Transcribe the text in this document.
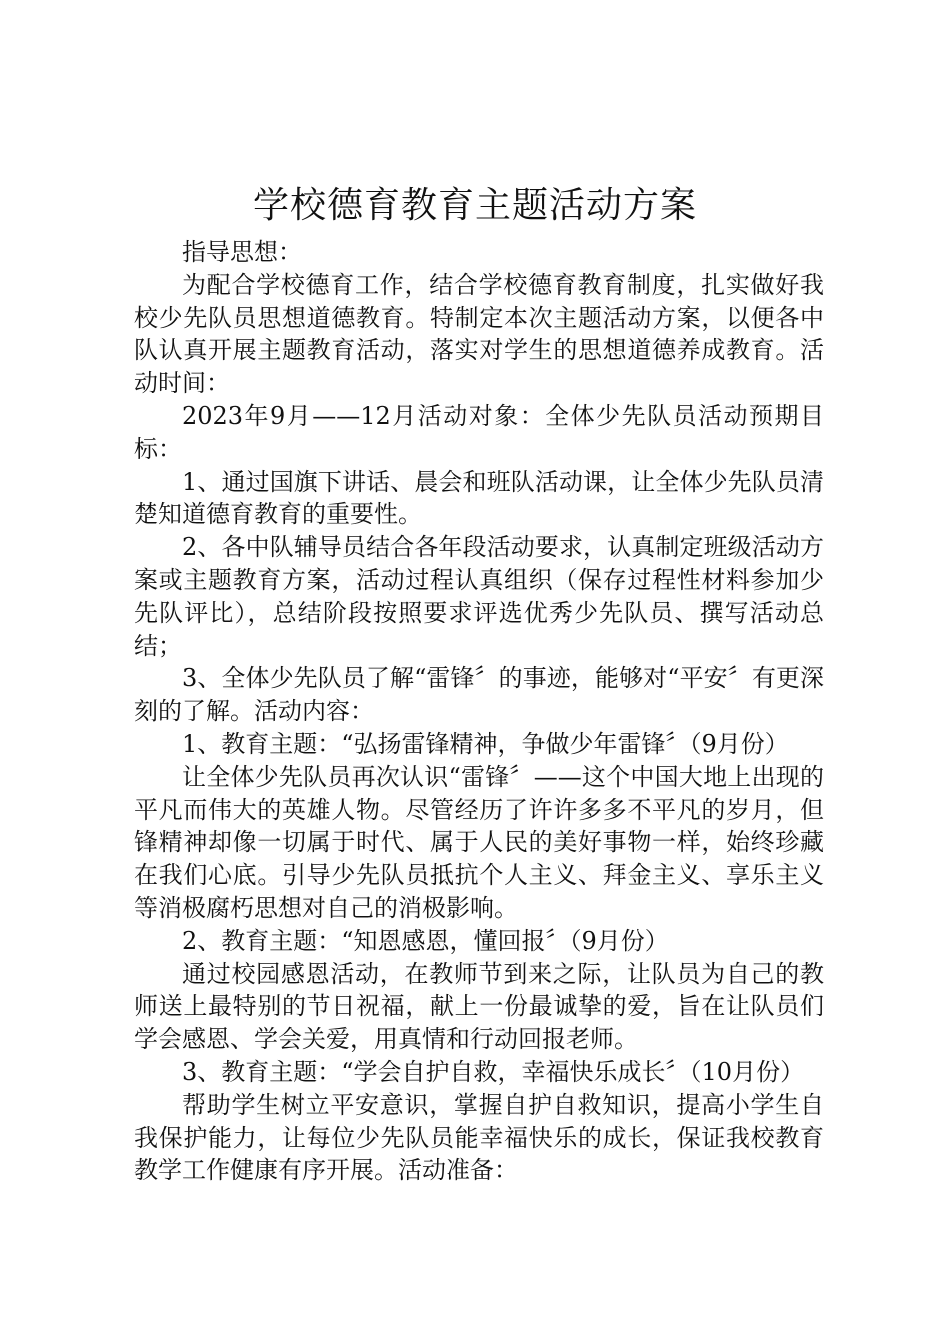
学校德育教育主题活动方案

指导思想：

为配合学校德育工作，结合学校德育教育制度，扎实做好我校少先队员思想道德教育。特制定本次主题活动方案，以便各中队认真开展主题教育活动，落实对学生的思想道德养成教育。活动时间：

2023年9月——12月活动对象：全体少先队员活动预期目标：

1、通过国旗下讲话、晨会和班队活动课，让全体少先队员清楚知道德育教育的重要性。

2、各中队辅导员结合各年段活动要求，认真制定班级活动方案或主题教育方案，活动过程认真组织（保存过程性材料参加少先队评比），总结阶段按照要求评选优秀少先队员、撰写活动总结；

3、全体少先队员了解“雷锋〞的事迹，能够对“平安〞有更深刻的了解。活动内容：

1、教育主题：“弘扬雷锋精神，争做少年雷锋〞（9月份）

让全体少先队员再次认识“雷锋〞——这个中国大地上出现的平凡而伟大的英雄人物。尽管经历了许许多多不平凡的岁月，但锋精神却像一切属于时代、属于人民的美好事物一样，始终珍藏在我们心底。引导少先队员抵抗个人主义、拜金主义、享乐主义等消极腐朽思想对自己的消极影响。

2、教育主题：“知恩感恩，懂回报〞（9月份）

通过校园感恩活动，在教师节到来之际，让队员为自己的教师送上最特别的节日祝福，献上一份最诚挚的爱，旨在让队员们学会感恩、学会关爱，用真情和行动回报老师。

3、教育主题：“学会自护自救，幸福快乐成长〞（10月份）

帮助学生树立平安意识，掌握自护自救知识，提高小学生自我保护能力，让每位少先队员能幸福快乐的成长，保证我校教育教学工作健康有序开展。活动准备：
